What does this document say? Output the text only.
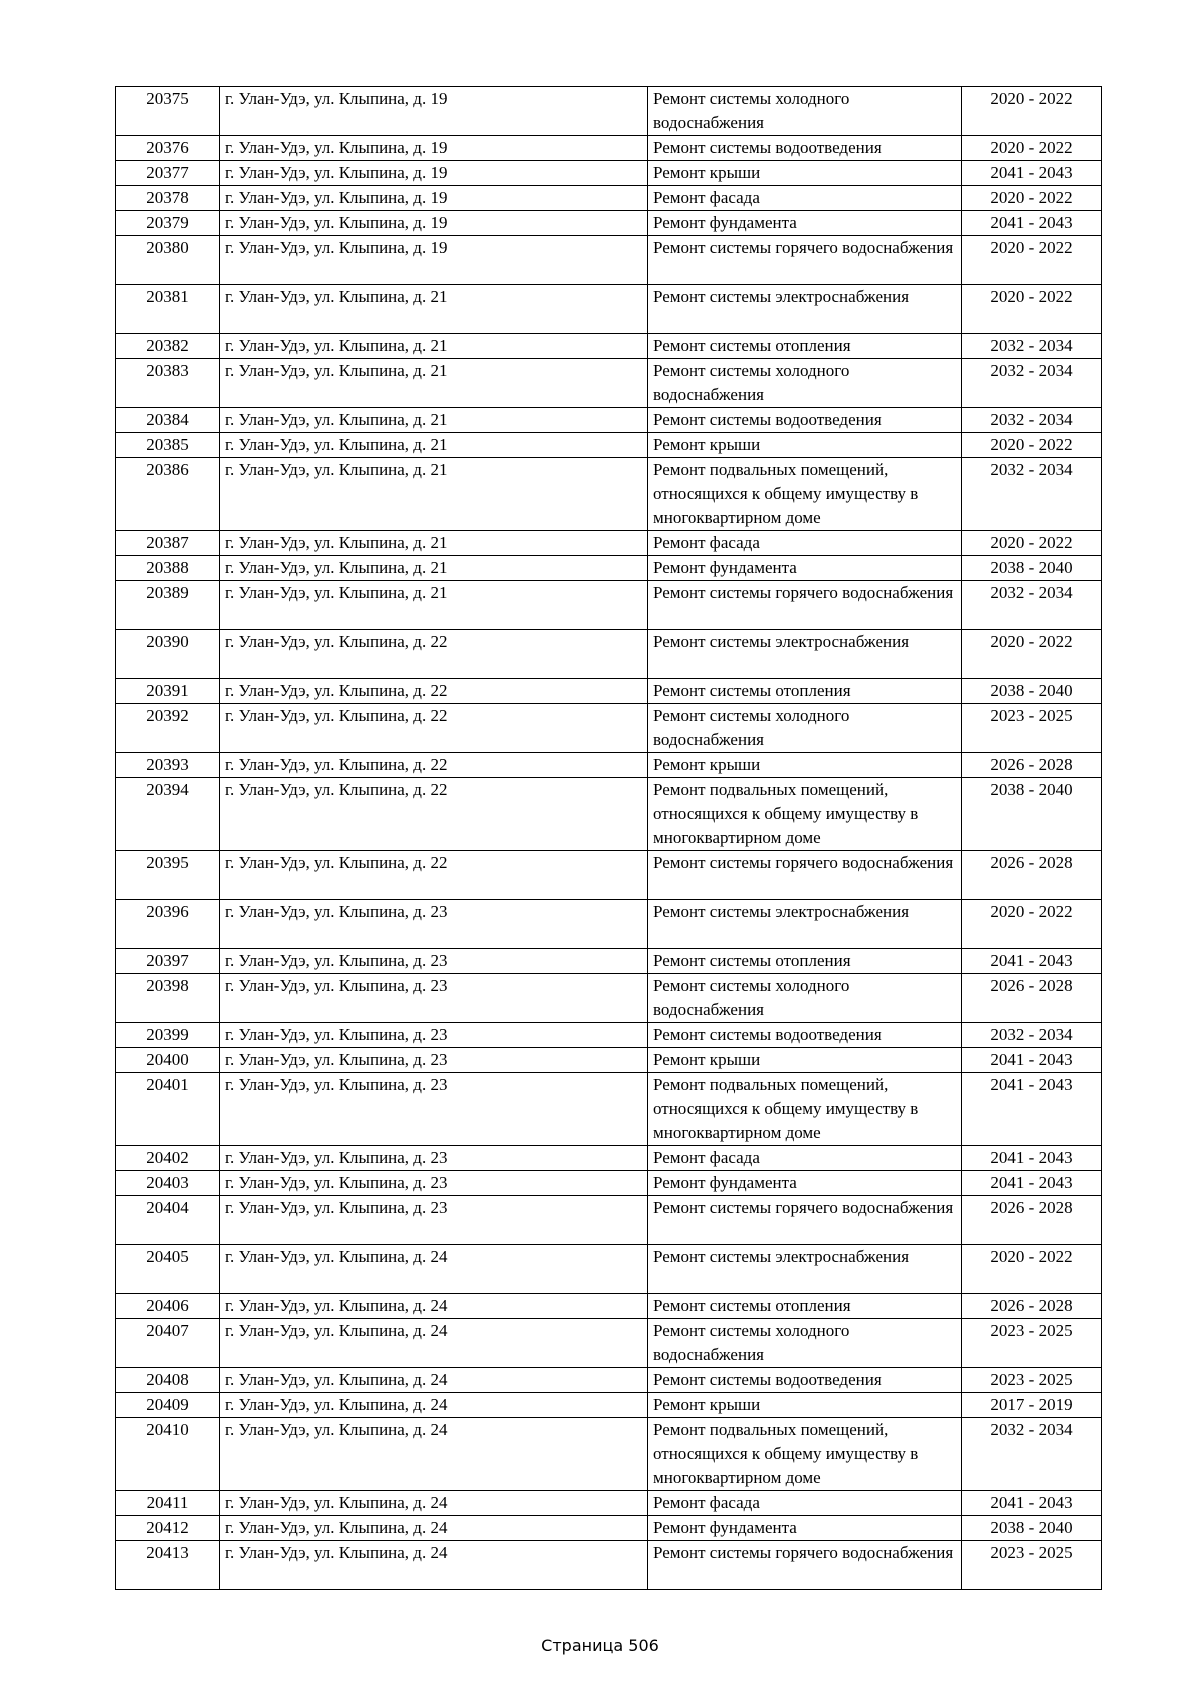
20375	г. Улан-Удэ, ул. Клыпина, д. 19	Ремонт системы холодного водоснабжения	2020 - 2022
20376	г. Улан-Удэ, ул. Клыпина, д. 19	Ремонт системы водоотведения	2020 - 2022
20377	г. Улан-Удэ, ул. Клыпина, д. 19	Ремонт крыши	2041 - 2043
20378	г. Улан-Удэ, ул. Клыпина, д. 19	Ремонт фасада	2020 - 2022
20379	г. Улан-Удэ, ул. Клыпина, д. 19	Ремонт фундамента	2041 - 2043
20380	г. Улан-Удэ, ул. Клыпина, д. 19	Ремонт системы горячего водоснабжения	2020 - 2022
20381	г. Улан-Удэ, ул. Клыпина, д. 21	Ремонт системы электроснабжения	2020 - 2022
20382	г. Улан-Удэ, ул. Клыпина, д. 21	Ремонт системы отопления	2032 - 2034
20383	г. Улан-Удэ, ул. Клыпина, д. 21	Ремонт системы холодного водоснабжения	2032 - 2034
20384	г. Улан-Удэ, ул. Клыпина, д. 21	Ремонт системы водоотведения	2032 - 2034
20385	г. Улан-Удэ, ул. Клыпина, д. 21	Ремонт крыши	2020 - 2022
20386	г. Улан-Удэ, ул. Клыпина, д. 21	Ремонт подвальных помещений, относящихся к общему имуществу в многоквартирном доме	2032 - 2034
20387	г. Улан-Удэ, ул. Клыпина, д. 21	Ремонт фасада	2020 - 2022
20388	г. Улан-Удэ, ул. Клыпина, д. 21	Ремонт фундамента	2038 - 2040
20389	г. Улан-Удэ, ул. Клыпина, д. 21	Ремонт системы горячего водоснабжения	2032 - 2034
20390	г. Улан-Удэ, ул. Клыпина, д. 22	Ремонт системы электроснабжения	2020 - 2022
20391	г. Улан-Удэ, ул. Клыпина, д. 22	Ремонт системы отопления	2038 - 2040
20392	г. Улан-Удэ, ул. Клыпина, д. 22	Ремонт системы холодного водоснабжения	2023 - 2025
20393	г. Улан-Удэ, ул. Клыпина, д. 22	Ремонт крыши	2026 - 2028
20394	г. Улан-Удэ, ул. Клыпина, д. 22	Ремонт подвальных помещений, относящихся к общему имуществу в многоквартирном доме	2038 - 2040
20395	г. Улан-Удэ, ул. Клыпина, д. 22	Ремонт системы горячего водоснабжения	2026 - 2028
20396	г. Улан-Удэ, ул. Клыпина, д. 23	Ремонт системы электроснабжения	2020 - 2022
20397	г. Улан-Удэ, ул. Клыпина, д. 23	Ремонт системы отопления	2041 - 2043
20398	г. Улан-Удэ, ул. Клыпина, д. 23	Ремонт системы холодного водоснабжения	2026 - 2028
20399	г. Улан-Удэ, ул. Клыпина, д. 23	Ремонт системы водоотведения	2032 - 2034
20400	г. Улан-Удэ, ул. Клыпина, д. 23	Ремонт крыши	2041 - 2043
20401	г. Улан-Удэ, ул. Клыпина, д. 23	Ремонт подвальных помещений, относящихся к общему имуществу в многоквартирном доме	2041 - 2043
20402	г. Улан-Удэ, ул. Клыпина, д. 23	Ремонт фасада	2041 - 2043
20403	г. Улан-Удэ, ул. Клыпина, д. 23	Ремонт фундамента	2041 - 2043
20404	г. Улан-Удэ, ул. Клыпина, д. 23	Ремонт системы горячего водоснабжения	2026 - 2028
20405	г. Улан-Удэ, ул. Клыпина, д. 24	Ремонт системы электроснабжения	2020 - 2022
20406	г. Улан-Удэ, ул. Клыпина, д. 24	Ремонт системы отопления	2026 - 2028
20407	г. Улан-Удэ, ул. Клыпина, д. 24	Ремонт системы холодного водоснабжения	2023 - 2025
20408	г. Улан-Удэ, ул. Клыпина, д. 24	Ремонт системы водоотведения	2023 - 2025
20409	г. Улан-Удэ, ул. Клыпина, д. 24	Ремонт крыши	2017 - 2019
20410	г. Улан-Удэ, ул. Клыпина, д. 24	Ремонт подвальных помещений, относящихся к общему имуществу в многоквартирном доме	2032 - 2034
20411	г. Улан-Удэ, ул. Клыпина, д. 24	Ремонт фасада	2041 - 2043
20412	г. Улан-Удэ, ул. Клыпина, д. 24	Ремонт фундамента	2038 - 2040
20413	г. Улан-Удэ, ул. Клыпина, д. 24	Ремонт системы горячего водоснабжения	2023 - 2025
Страница 506
